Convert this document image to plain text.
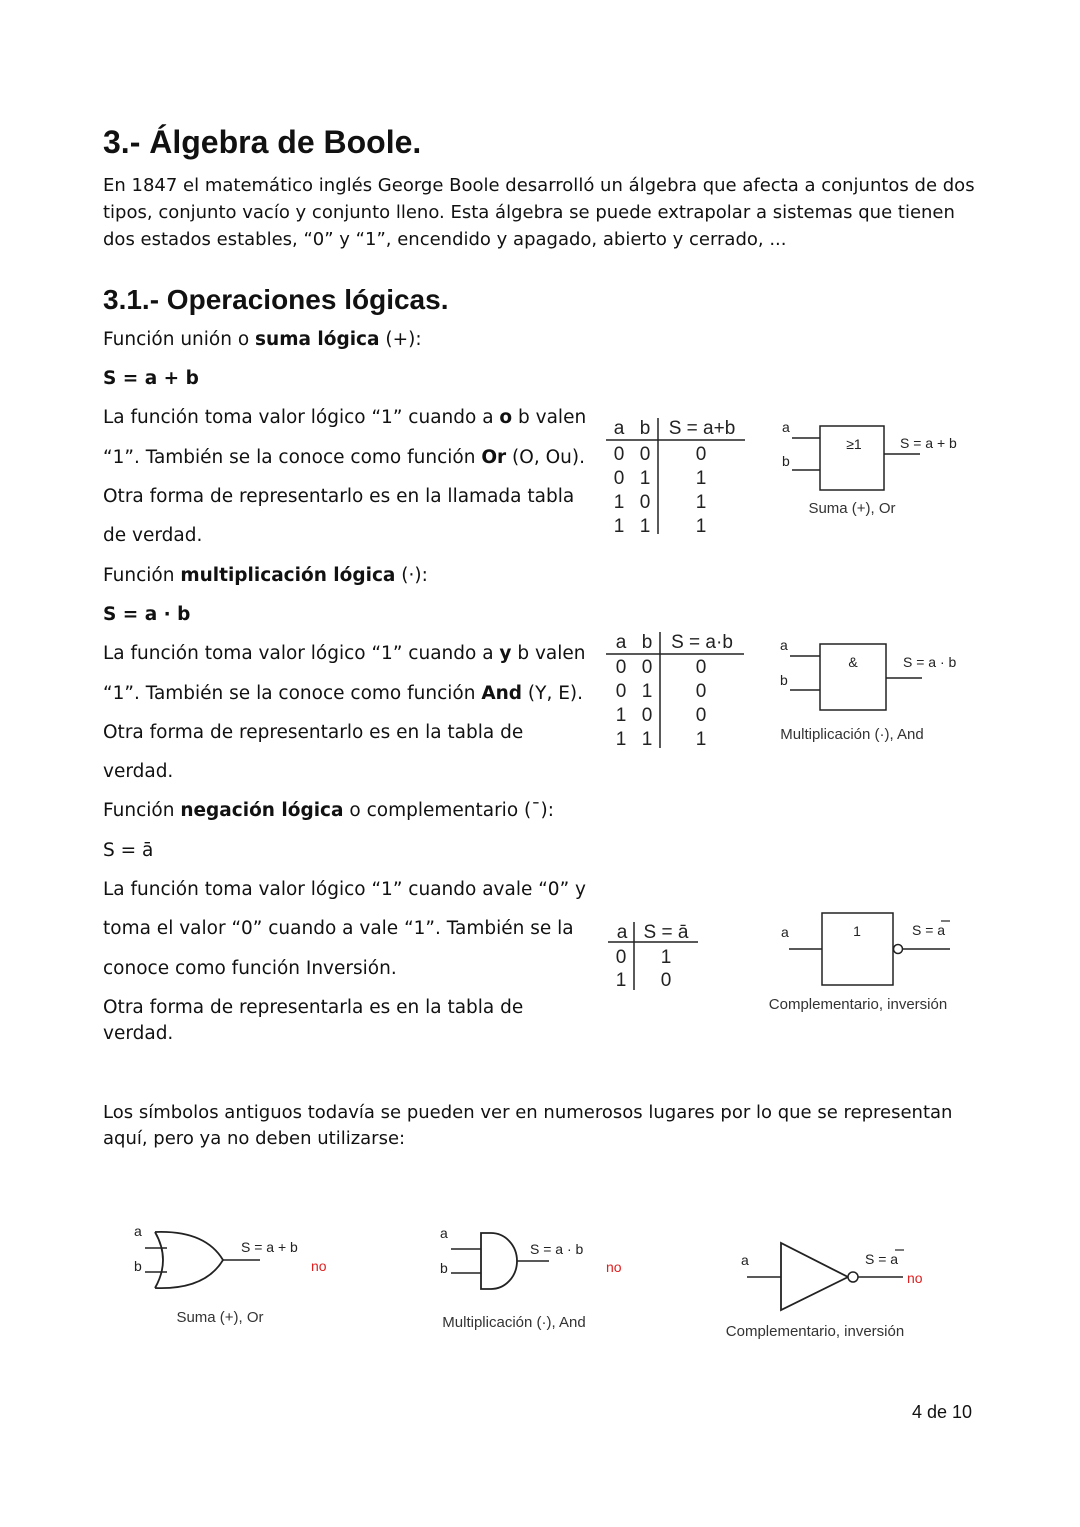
3.- Álgebra de Boole.
En 1847 el matemático inglés George Boole desarrolló un álgebra que afecta a conjuntos de dos tipos, conjunto vacío y conjunto lleno. Esta álgebra se puede extrapolar a sistemas que tienen dos estados estables, “0” y “1”, encendido y apagado, abierto y cerrado, ...
3.1.- Operaciones lógicas.
Función unión o suma lógica (+):
S = a + b
La función toma valor lógico “1” cuando a o b valen
“1”. También se la conoce como función Or (O, Ou).
Otra forma de representarlo es en la llamada tabla
de verdad.
Función multiplicación lógica (·):
S = a · b
La función toma valor lógico “1” cuando a y b valen
“1”. También se la conoce como función And (Y, E).
Otra forma de representarlo es en la tabla de
verdad.
Función negación lógica o complementario (¯):
S = ā
La función toma valor lógico “1” cuando avale “0” y
toma el valor “0” cuando a vale “1”. También se la
conoce como función Inversión.
Otra forma de representarla es en la tabla de
verdad.
a b S = a+b
0 0 0
0 1 1
1 0 1
1 1 1
a
b
≥1	S = a + b
Suma (+), Or
a b S = a·b
0 0 0
0 1 0
1 0 0
1 1 1
a
b
&	S = a · b
Multiplicación (·), And
a S = ā
0 1
1 0
a	1	S = a
Complementario, inversión
Los símbolos antiguos todavía se pueden ver en numerosos lugares por lo que se representan aquí, pero ya no deben utilizarse:
a
b
S = a + b
no
Suma (+), Or
a
b
S = a · b
no
Multiplicación (·), And
a	S = a
no
Complementario, inversión
4 de 10
